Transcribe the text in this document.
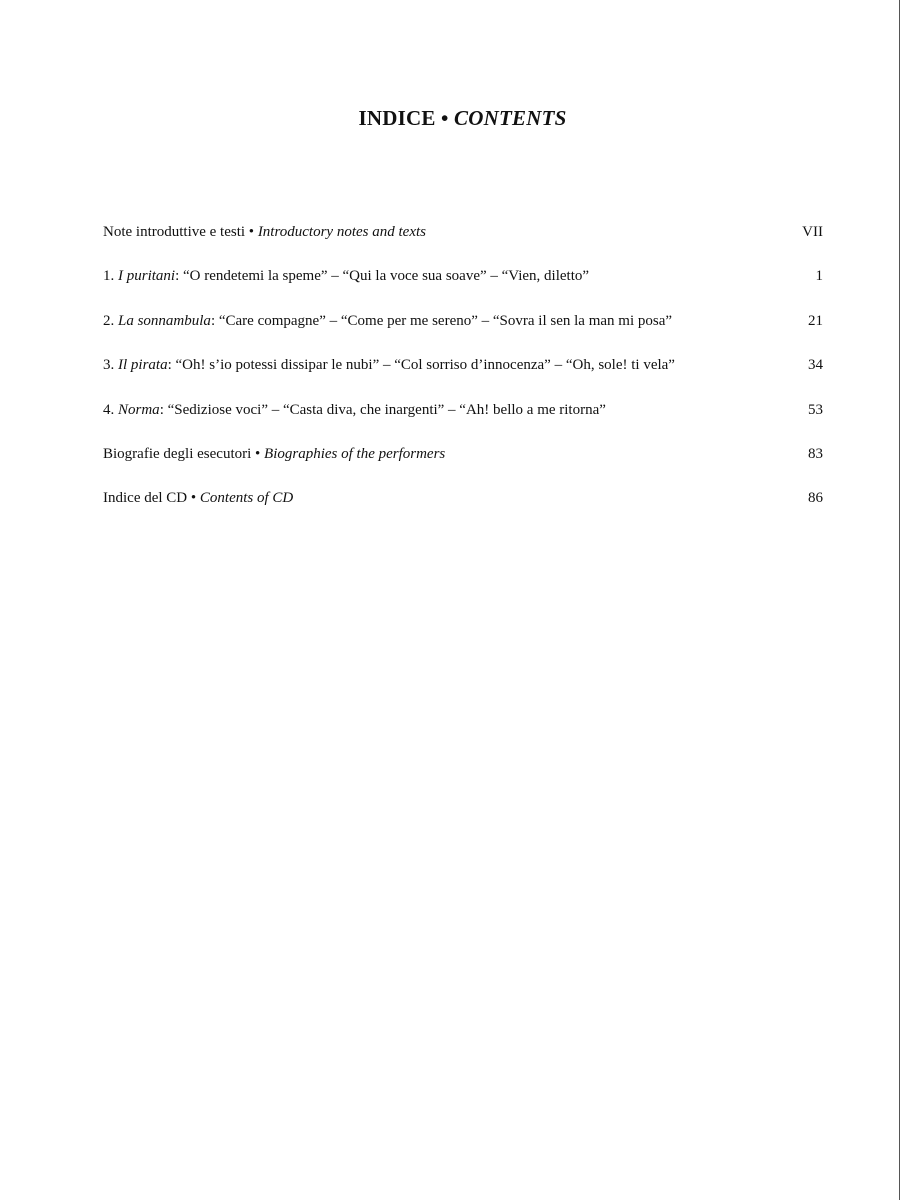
INDICE • CONTENTS
Note introduttive e testi • Introductory notes and texts	VII
1. I puritani: “O rendetemi la speme” – “Qui la voce sua soave” – “Vien, diletto”	1
2. La sonnambula: “Care compagne” – “Come per me sereno” – “Sovra il sen la man mi posa”	21
3. Il pirata: “Oh! s’io potessi dissipar le nubi” – “Col sorriso d’innocenza” – “Oh, sole! ti vela”	34
4. Norma: “Sediziose voci” – “Casta diva, che inargenti” – “Ah! bello a me ritorna”	53
Biografie degli esecutori • Biographies of the performers	83
Indice del CD • Contents of CD	86
